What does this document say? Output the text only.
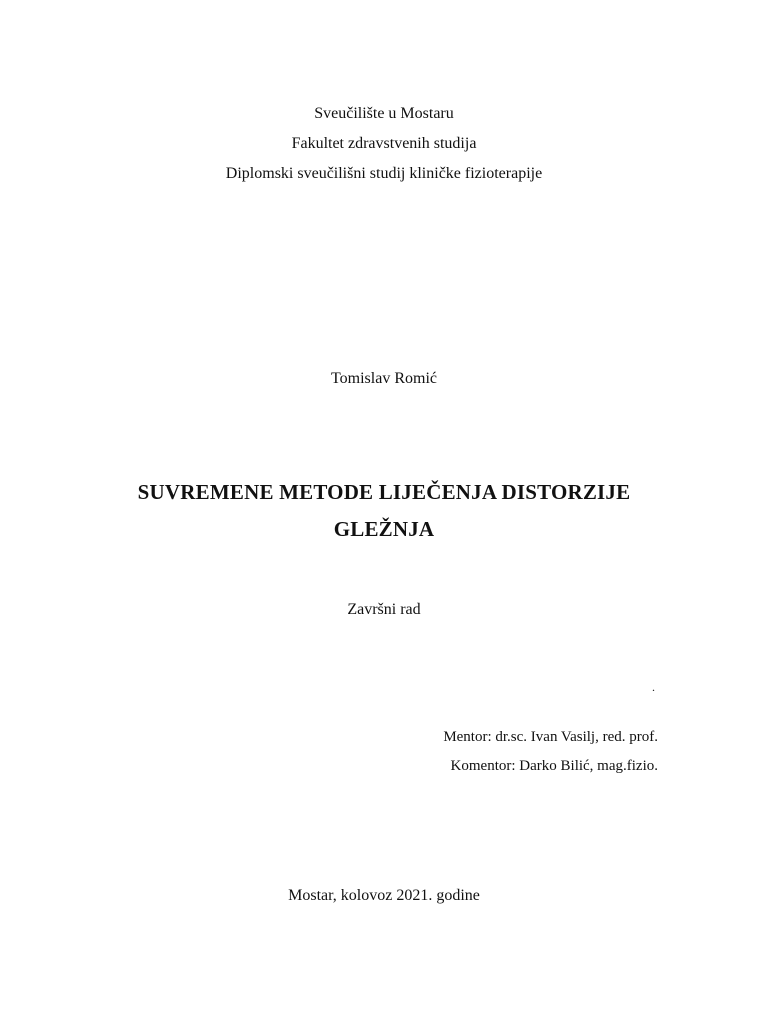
Sveučilište u Mostaru
Fakultet zdravstvenih studija
Diplomski sveučilišni studij kliničke fizioterapije
Tomislav Romić
SUVREMENE METODE LIJEČENJA DISTORZIJE
GLEŽNJA
Završni rad
.
Mentor: dr.sc. Ivan Vasilj, red. prof.
Komentor: Darko Bilić, mag.fizio.
Mostar, kolovoz 2021. godine
